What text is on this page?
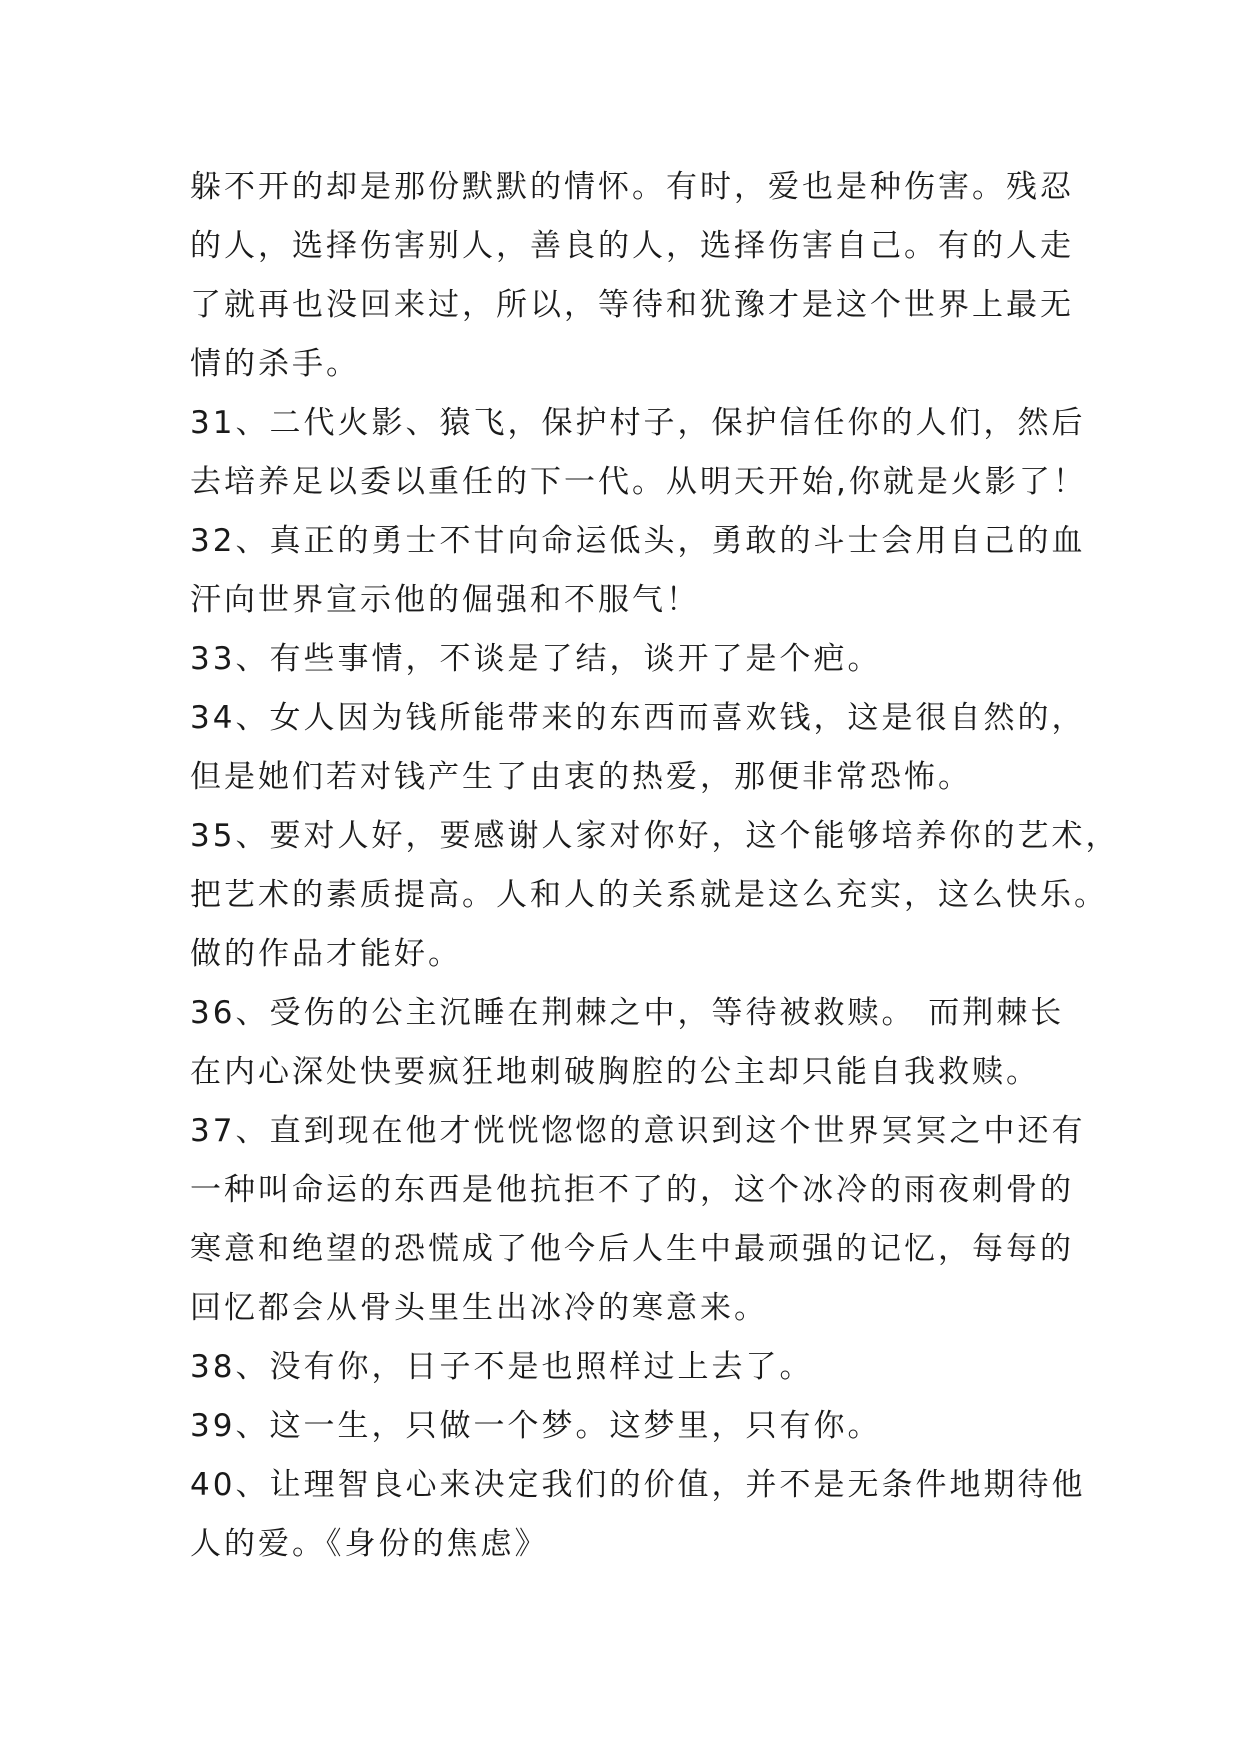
躲不开的却是那份默默的情怀。有时，爱也是种伤害。残忍
的人，选择伤害别人，善良的人，选择伤害自己。有的人走
了就再也没回来过，所以，等待和犹豫才是这个世界上最无
情的杀手。
31、二代火影、猿飞，保护村子，保护信任你的人们，然后
去培养足以委以重任的下一代。从明天开始,你就是火影了！
32、真正的勇士不甘向命运低头，勇敢的斗士会用自己的血
汗向世界宣示他的倔强和不服气！
33、有些事情，不谈是了结，谈开了是个疤。
34、女人因为钱所能带来的东西而喜欢钱，这是很自然的，
但是她们若对钱产生了由衷的热爱，那便非常恐怖。
35、要对人好，要感谢人家对你好，这个能够培养你的艺术，
把艺术的素质提高。人和人的关系就是这么充实，这么快乐。
做的作品才能好。
36、受伤的公主沉睡在荆棘之中，等待被救赎。 而荆棘长
在内心深处快要疯狂地刺破胸腔的公主却只能自我救赎。
37、直到现在他才恍恍惚惚的意识到这个世界冥冥之中还有
一种叫命运的东西是他抗拒不了的，这个冰冷的雨夜刺骨的
寒意和绝望的恐慌成了他今后人生中最顽强的记忆，每每的
回忆都会从骨头里生出冰冷的寒意来。
38、没有你，日子不是也照样过上去了。
39、这一生，只做一个梦。这梦里，只有你。
40、让理智良心来决定我们的价值，并不是无条件地期待他
人的爱。《身份的焦虑》
